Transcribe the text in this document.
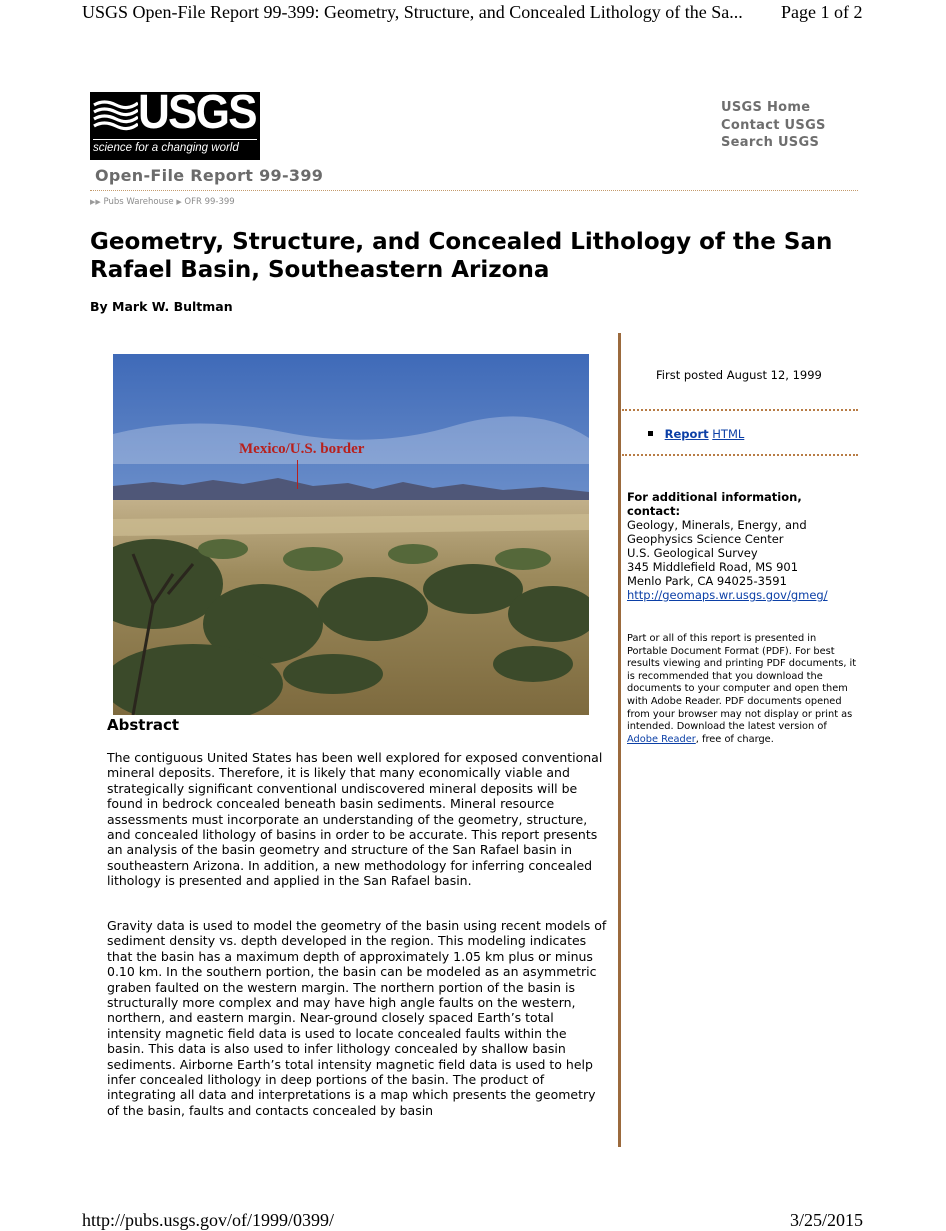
USGS Open-File Report 99-399: Geometry, Structure, and Concealed Lithology of the Sa... Page 1 of 2
USGS
science for a changing world
USGS Home
Contact USGS
Search USGS
Open-File Report 99-399
▶▶ Pubs Warehouse ▶ OFR 99-399
Geometry, Structure, and Concealed Lithology of the San Rafael Basin, Southeastern Arizona
By Mark W. Bultman
Mexico/U.S. border
Abstract

The contiguous United States has been well explored for exposed conventional mineral deposits. Therefore, it is likely that many economically viable and strategically significant conventional undiscovered mineral deposits will be found in bedrock concealed beneath basin sediments. Mineral resource assessments must incorporate an understanding of the geometry, structure, and concealed lithology of basins in order to be accurate. This report presents an analysis of the basin geometry and structure of the San Rafael basin in southeastern Arizona. In addition, a new methodology for inferring concealed lithology is presented and applied in the San Rafael basin.

Gravity data is used to model the geometry of the basin using recent models of sediment density vs. depth developed in the region. This modeling indicates that the basin has a maximum depth of approximately 1.05 km plus or minus 0.10 km. In the southern portion, the basin can be modeled as an asymmetric graben faulted on the western margin. The northern portion of the basin is structurally more complex and may have high angle faults on the western, northern, and eastern margin. Near-ground closely spaced Earth’s total intensity magnetic field data is used to locate concealed faults within the basin. This data is also used to infer lithology concealed by shallow basin sediments. Airborne Earth’s total intensity magnetic field data is used to help infer concealed lithology in deep portions of the basin. The product of integrating all data and interpretations is a map which presents the geometry of the basin, faults and contacts concealed by basin

First posted August 12, 1999
Report HTML

For additional information, contact:

Geology, Minerals, Energy, and
Geophysics Science Center
U.S. Geological Survey
345 Middlefield Road, MS 901
Menlo Park, CA 94025-3591
http://geomaps.wr.usgs.gov/gmeg/

Part or all of this report is presented in Portable Document Format (PDF). For best results viewing and printing PDF documents, it is recommended that you download the documents to your computer and open them with Adobe Reader. PDF documents opened from your browser may not display or print as intended. Download the latest version of Adobe Reader, free of charge.

http://pubs.usgs.gov/of/1999/0399/	3/25/2015
